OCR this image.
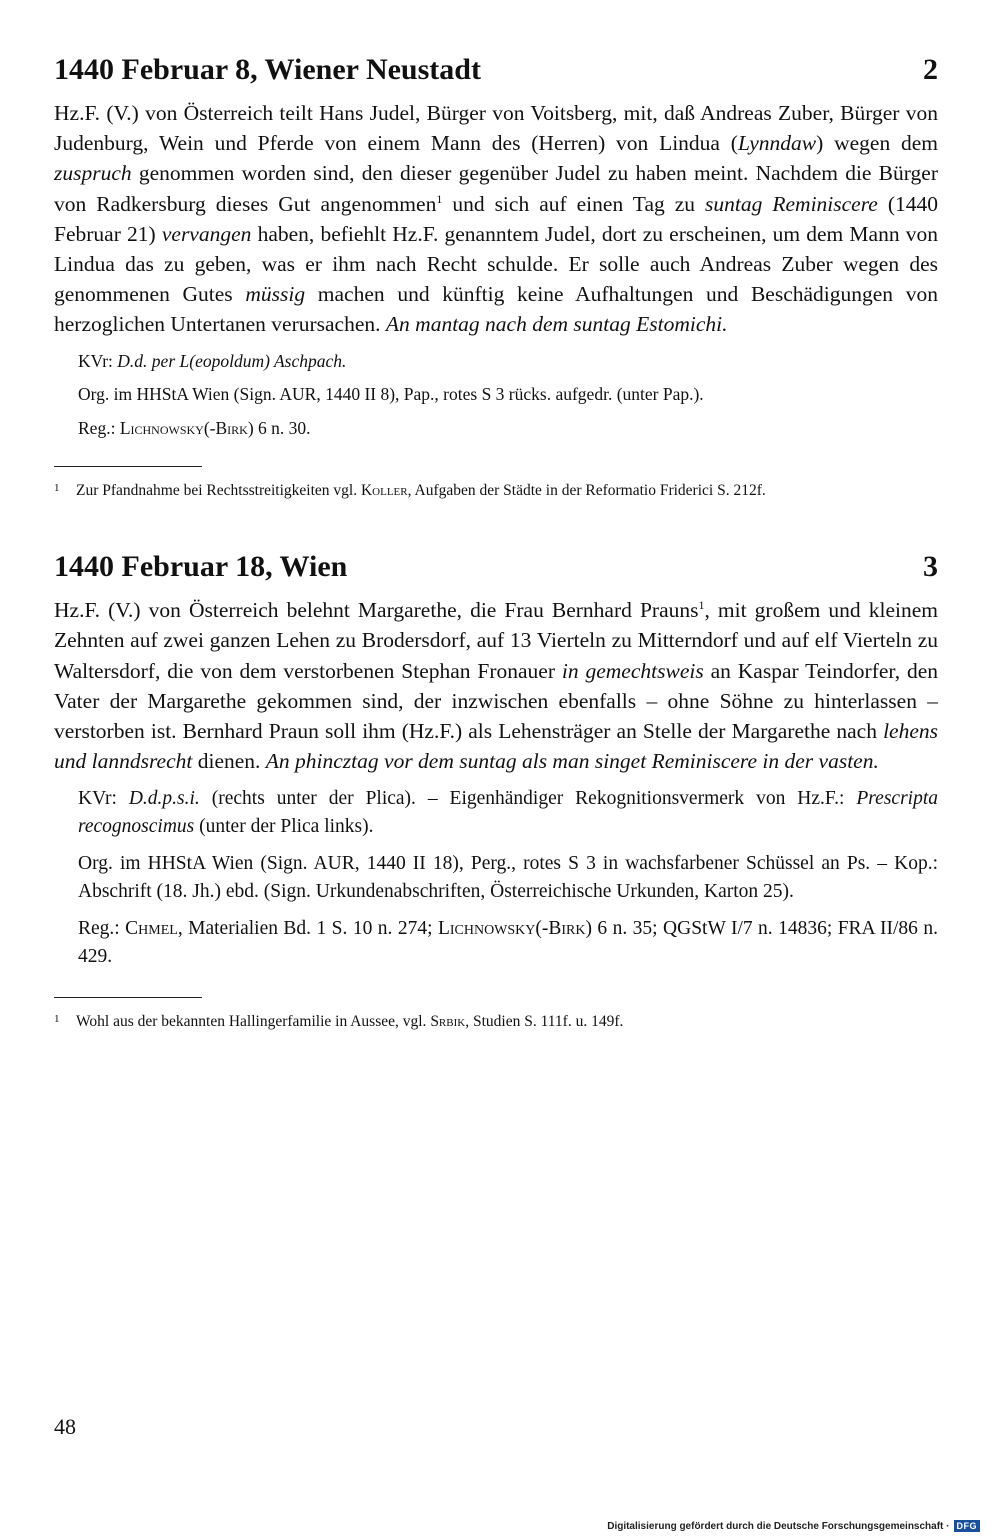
1440 Februar 8, Wiener Neustadt	2

Hz.F. (V.) von Österreich teilt Hans Judel, Bürger von Voitsberg, mit, daß Andreas Zuber, Bürger von Judenburg, Wein und Pferde von einem Mann des (Herren) von Lindua (Lynndaw) wegen dem zuspruch genommen worden sind, den dieser gegenüber Judel zu haben meint. Nachdem die Bürger von Radkersburg dieses Gut angenommen$^1$ und sich auf einen Tag zu suntag Reminiscere (1440 Februar 21) vervangen haben, befiehlt Hz.F. genanntem Judel, dort zu erscheinen, um dem Mann von Lindua das zu geben, was er ihm nach Recht schulde. Er solle auch Andreas Zuber wegen des genommenen Gutes müssig machen und künftig keine Aufhaltungen und Beschädigungen von herzoglichen Untertanen verursachen. An mantag nach dem suntag Estomichi.

KVr: D.d. per L(eopoldum) Aschpach.
Org. im HHStA Wien (Sign. AUR, 1440 II 8), Pap., rotes S 3 rücks. aufgedr. (unter Pap.).
Reg.: Lichnowsky(-Birk) 6 n. 30.
1	Zur Pfandnahme bei Rechtsstreitigkeiten vgl. Koller, Aufgaben der Städte in der Reformatio Friderici S. 212f.
1440 Februar 18, Wien	3

Hz.F. (V.) von Österreich belehnt Margarethe, die Frau Bernhard Prauns$^1$, mit großem und kleinem Zehnten auf zwei ganzen Lehen zu Brodersdorf, auf 13 Vierteln zu Mitterndorf und auf elf Vierteln zu Waltersdorf, die von dem verstorbenen Stephan Fronauer in gemechtsweis an Kaspar Teindorfer, den Vater der Margarethe gekommen sind, der inzwischen ebenfalls – ohne Söhne zu hinterlassen – verstorben ist. Bernhard Praun soll ihm (Hz.F.) als Lehensträger an Stelle der Margarethe nach lehens und lanndsrecht dienen. An phincztag vor dem suntag als man singet Reminiscere in der vasten.

KVr: D.d.p.s.i. (rechts unter der Plica). – Eigenhändiger Rekognitionsvermerk von Hz.F.: Prescripta recognoscimus (unter der Plica links).
Org. im HHStA Wien (Sign. AUR, 1440 II 18), Perg., rotes S 3 in wachsfarbener Schüssel an Ps. – Kop.: Abschrift (18. Jh.) ebd. (Sign. Urkundenabschriften, Österreichische Urkunden, Karton 25).
Reg.: Chmel, Materialien Bd. 1 S. 10 n. 274; Lichnowsky(-Birk) 6 n. 35; QGStW I/7 n. 14836; FRA II/86 n. 429.
1	Wohl aus der bekannten Hallingerfamilie in Aussee, vgl. Srbik, Studien S. 111f. u. 149f.
48
Digitalisierung gefördert durch die Deutsche Forschungsgemeinschaft · DFG
